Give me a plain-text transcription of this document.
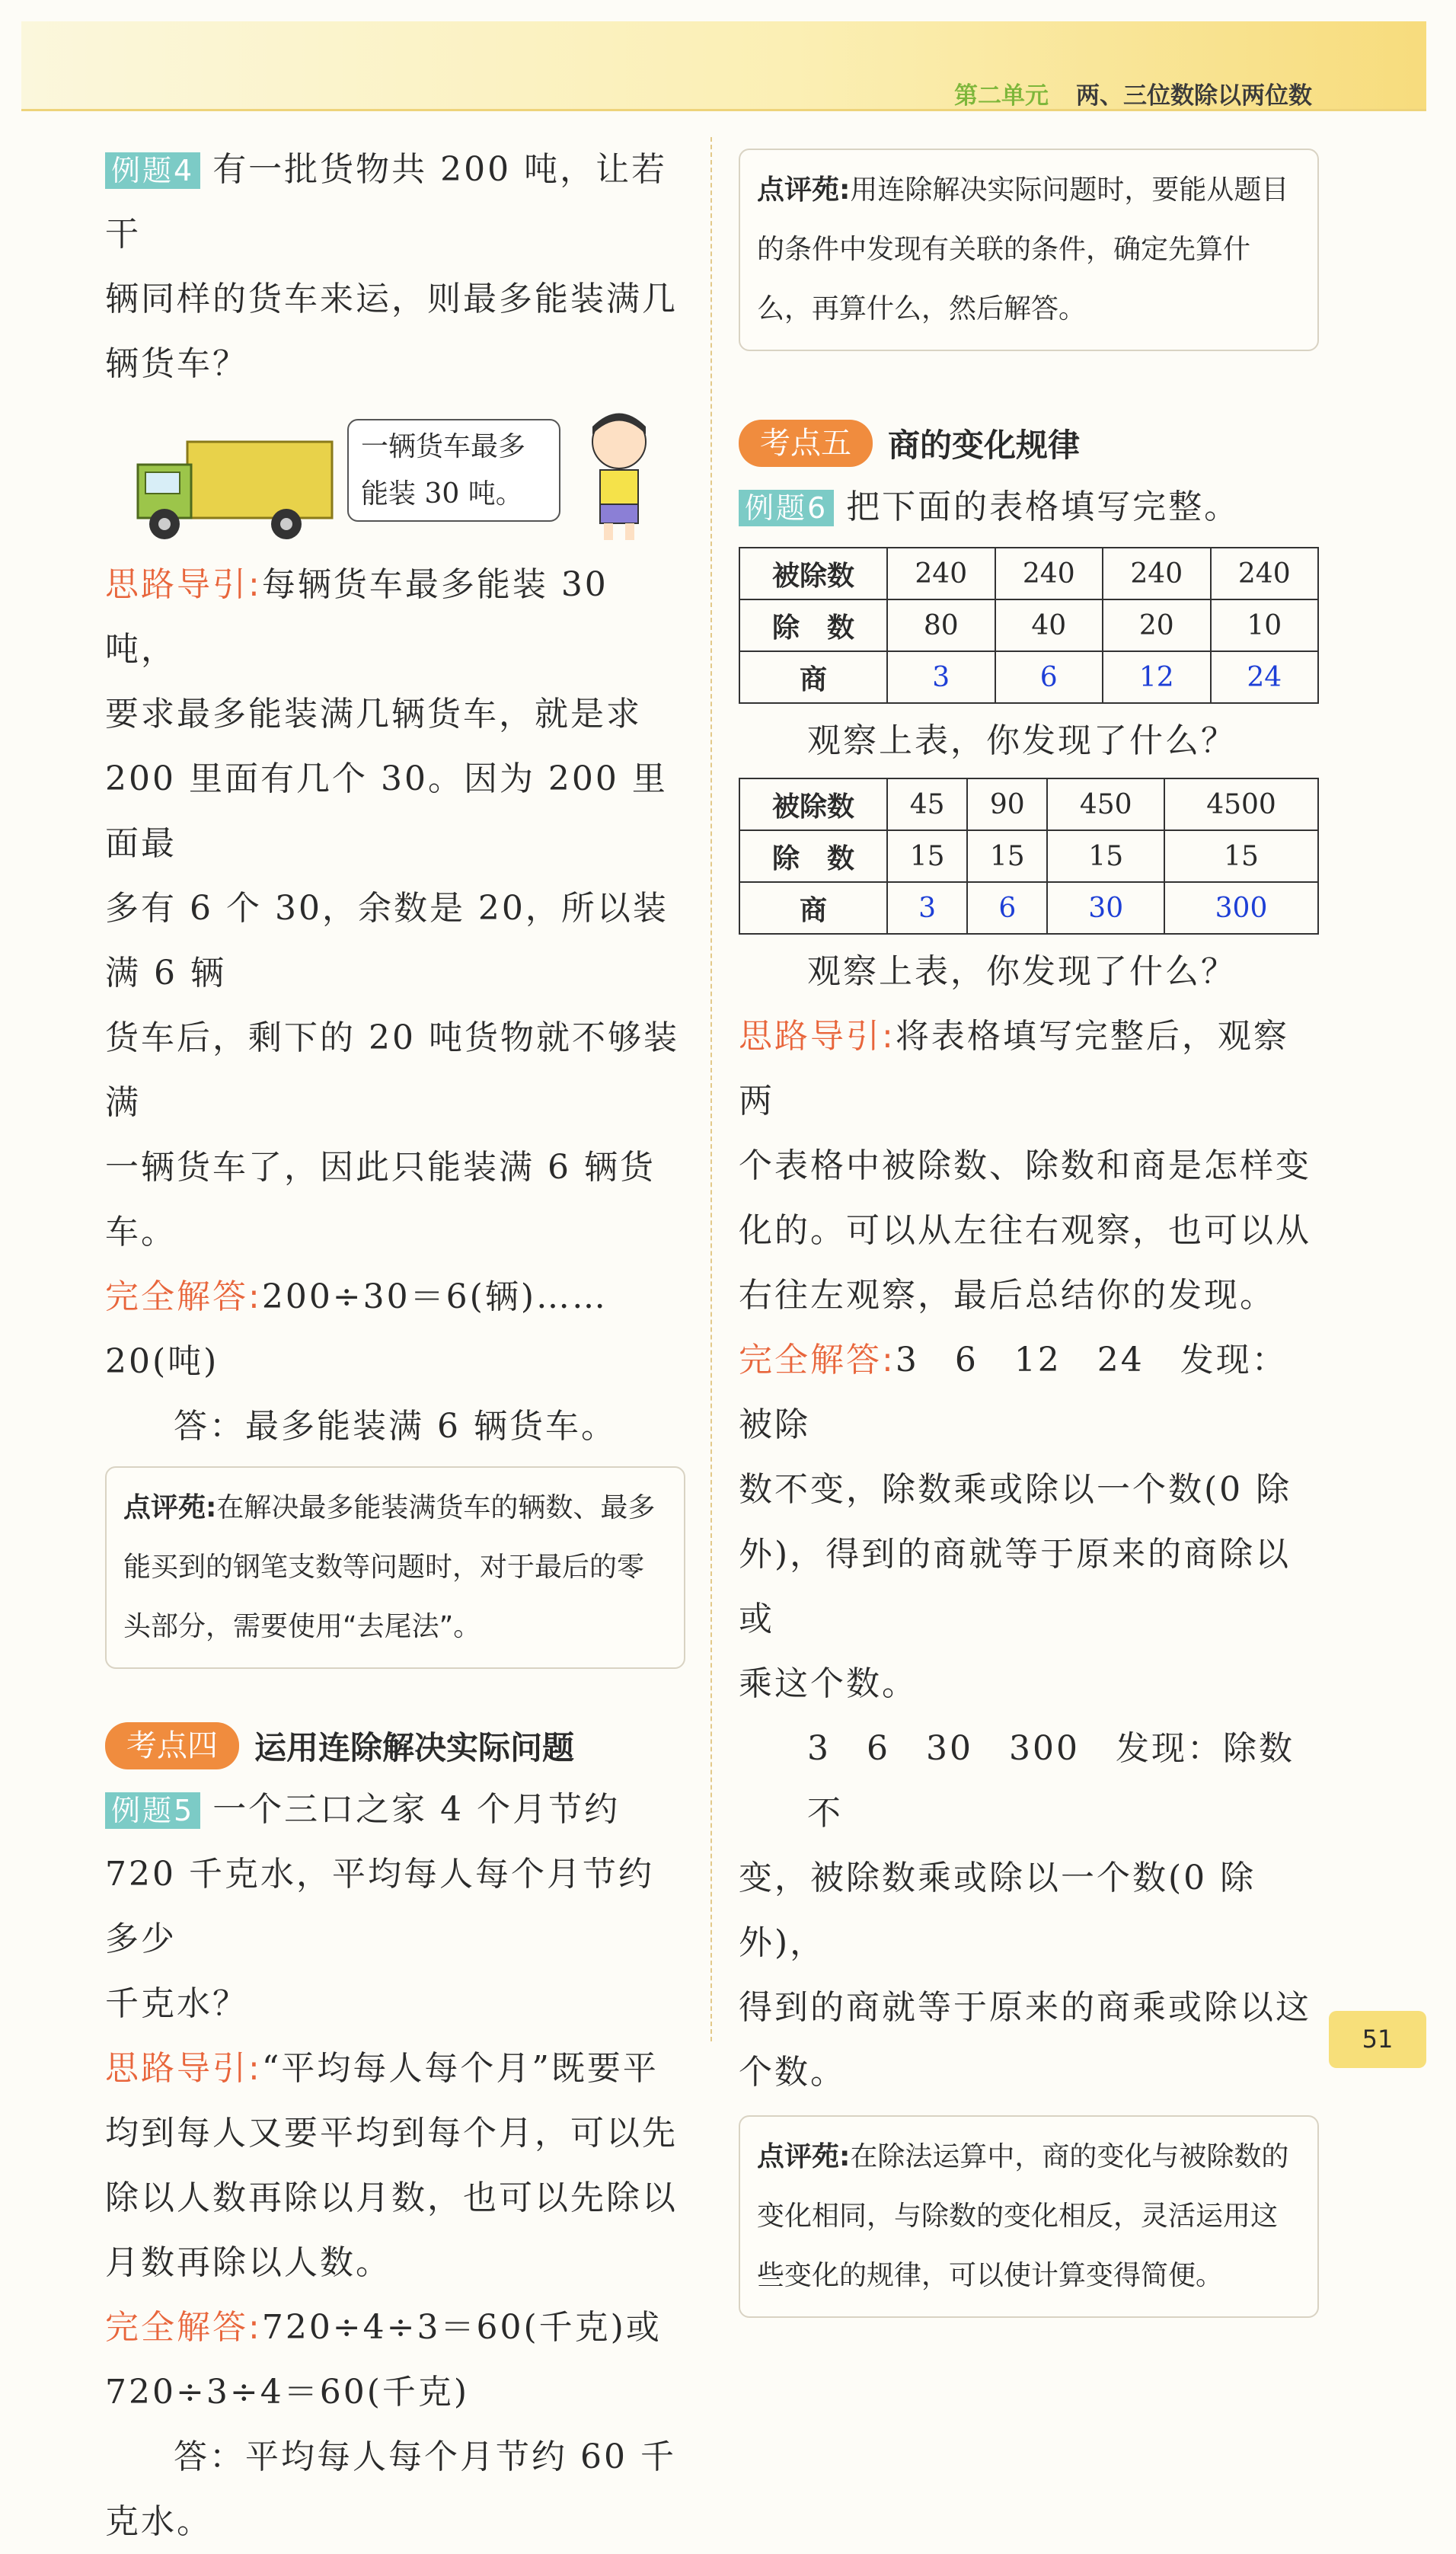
第二单元 两、三位数除以两位数

例题4 有一批货物共 200 吨，让若干

辆同样的货车来运，则最多能装满几

辆货车？

一辆货车最多
能装 30 吨。

思路导引:每辆货车最多能装 30 吨，

要求最多能装满几辆货车，就是求

200 里面有几个 30。因为 200 里面最

多有 6 个 30，余数是 20，所以装满 6 辆

货车后，剩下的 20 吨货物就不够装满

一辆货车了，因此只能装满 6 辆货车。

完全解答:200÷30＝6(辆)……20(吨)

答：最多能装满 6 辆货车。

点评苑:在解决最多能装满货车的辆数、最多能买到的钢笔支数等问题时，对于最后的零头部分，需要使用“去尾法”。
考点四	运用连除解决实际问题

例题5 一个三口之家 4 个月节约

720 千克水，平均每人每个月节约多少

千克水？

思路导引:“平均每人每个月”既要平

均到每人又要平均到每个月，可以先

除以人数再除以月数，也可以先除以

月数再除以人数。

完全解答:720÷4÷3＝60(千克)或

720÷3÷4＝60(千克)

答：平均每人每个月节约 60 千

克水。

点评苑:用连除解决实际问题时，要能从题目的条件中发现有关联的条件，确定先算什么，再算什么，然后解答。
考点五	商的变化规律

例题6 把下面的表格填写完整。

被除数	240	240	240	240
除　数	80	40	20	10
商	3	6	12	24

观察上表，你发现了什么？

被除数	45	90	450	4500
除　数	15	15	15	15
商	3	6	30	300

观察上表，你发现了什么？

思路导引:将表格填写完整后，观察两

个表格中被除数、除数和商是怎样变

化的。可以从左往右观察，也可以从

右往左观察，最后总结你的发现。

完全解答:3　6　12　24　发现：被除

数不变，除数乘或除以一个数(0 除

外)，得到的商就等于原来的商除以或

乘这个数。

3　6　30　300　发现：除数不

变，被除数乘或除以一个数(0 除外)，

得到的商就等于原来的商乘或除以这

个数。

点评苑:在除法运算中，商的变化与被除数的变化相同，与除数的变化相反，灵活运用这些变化的规律，可以使计算变得简便。
51
